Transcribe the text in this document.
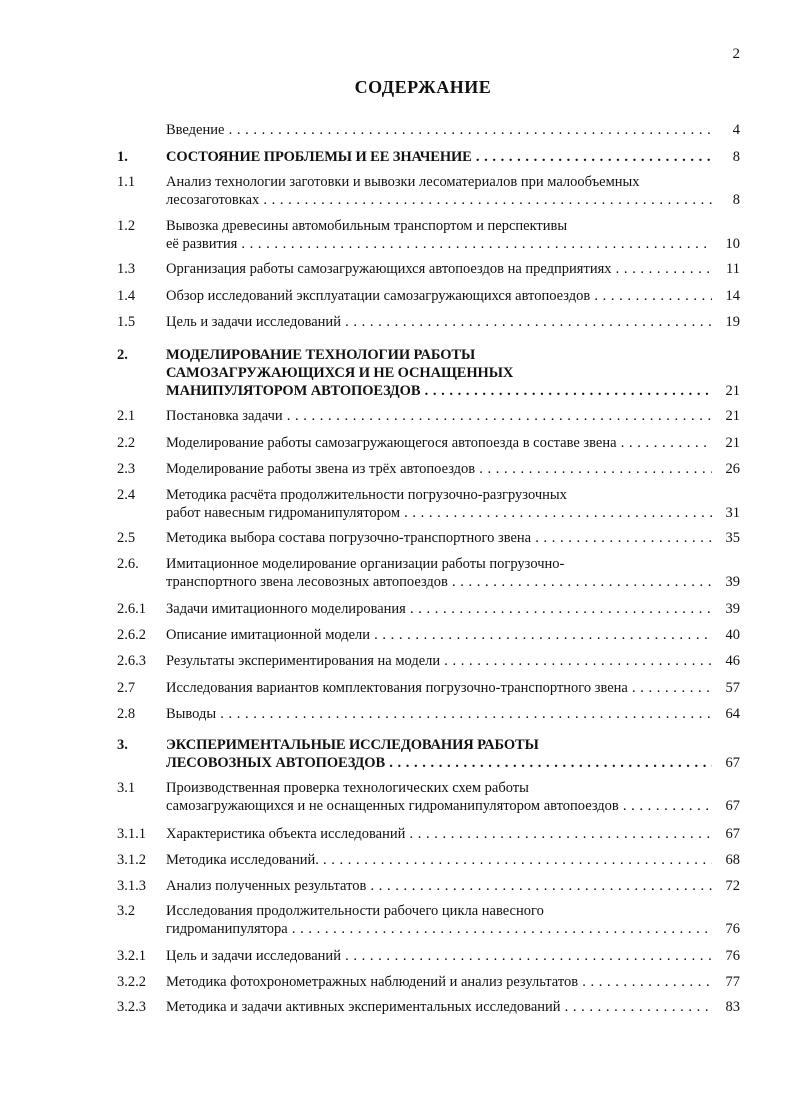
2
СОДЕРЖАНИЕ
Введение . . .	4
1.	СОСТОЯНИЕ ПРОБЛЕМЫ И ЕЕ ЗНАЧЕНИЕ . . .	8
1.1 Анализ технологии заготовки и вывозки лесоматериалов при малообъемных
лесозаготовках . . .	8
1.2 Вывозка древесины автомобильным транспортом и перспективы
её развития . . .	10
1.3 Организация работы самозагружающихся автопоездов на предприятиях . . .	11
1.4 Обзор исследований эксплуатации самозагружающихся автопоездов . . .	14
1.5 Цель и задачи исследований . . .	19
2.	МОДЕЛИРОВАНИЕ ТЕХНОЛОГИИ РАБОТЫ
САМОЗАГРУЖАЮЩИХСЯ И НЕ ОСНАЩЕННЫХ
МАНИПУЛЯТОРОМ АВТОПОЕЗДОВ . . .	21
2.1 Постановка задачи . . .	21
2.2 Моделирование работы самозагружающегося автопоезда в составе звена . . .	21
2.3 Моделирование работы звена из трёх автопоездов . . .	26
2.4 Методика расчёта продолжительности погрузочно-разгрузочных
работ навесным гидроманипулятором . . .	31
2.5 Методика выбора состава погрузочно-транспортного звена . . .	35
2.6. Имитационное моделирование организации работы погрузочно-
транспортного звена лесовозных автопоездов . . .	39
2.6.1 Задачи имитационного моделирования . . .	39
2.6.2 Описание имитационной модели . . .	40
2.6.3 Результаты экспериментирования на модели . . .	46
2.7 Исследования вариантов комплектования погрузочно-транспортного звена . . .	57
2.8 Выводы . . .	64
3.	ЭКСПЕРИМЕНТАЛЬНЫЕ ИССЛЕДОВАНИЯ РАБОТЫ
ЛЕСОВОЗНЫХ АВТОПОЕЗДОВ . . .	67
3.1 Производственная проверка технологических схем работы
самозагружающихся и не оснащенных гидроманипулятором автопоездов . . .	67
3.1.1 Характеристика объекта исследований . . .	67
3.1.2 Методика исследований. . . .	68
3.1.3 Анализ полученных результатов . . .	72
3.2 Исследования продолжительности рабочего цикла навесного
гидроманипулятора . . .	76
3.2.1 Цель и задачи исследований . . .	76
3.2.2 Методика фотохронометражных наблюдений и анализ результатов . . .	77
3.2.3 Методика и задачи активных экспериментальных исследований . . .	83
